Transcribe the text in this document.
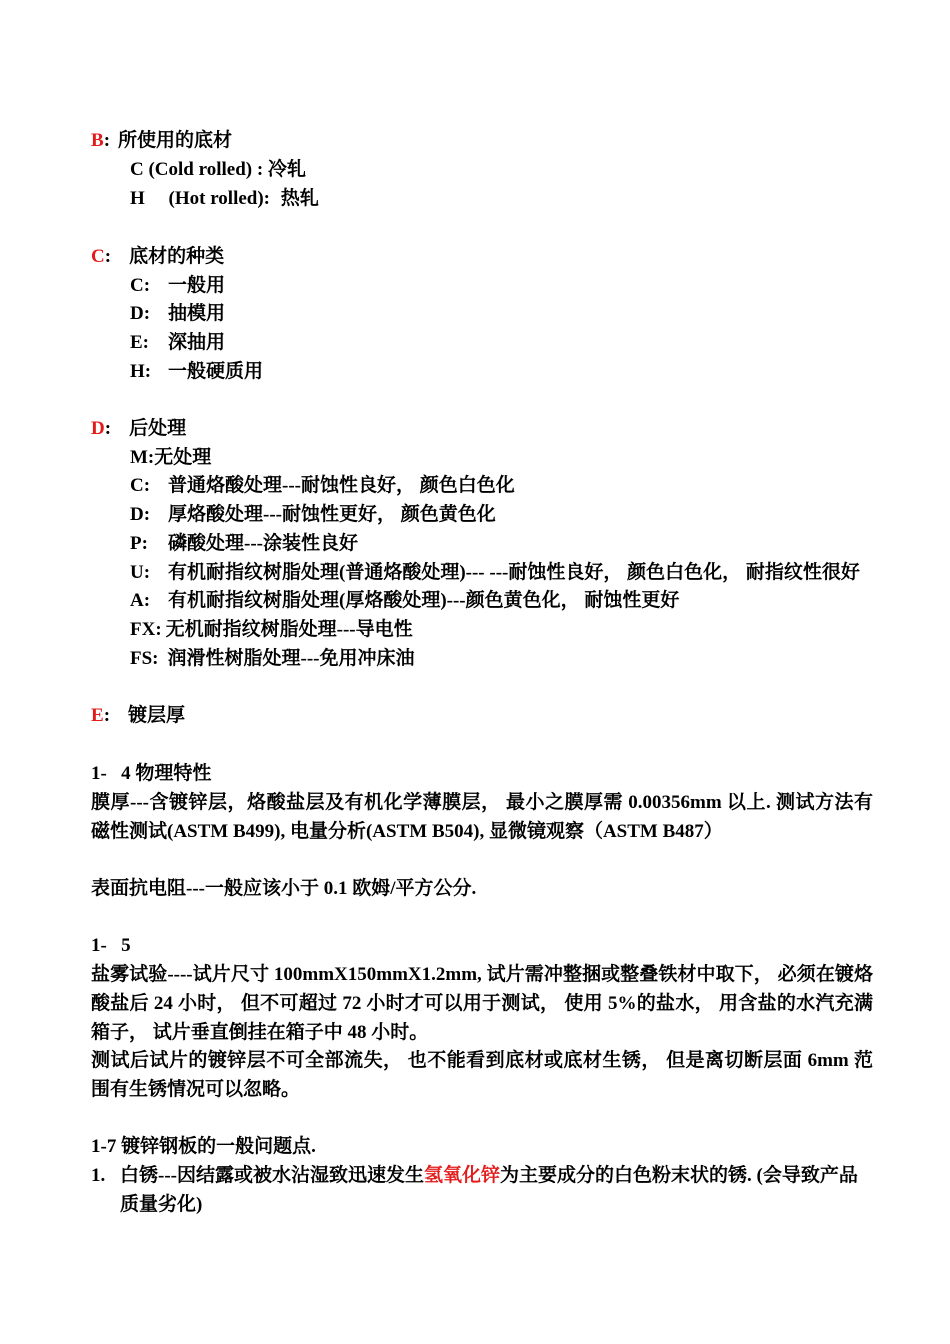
B: 所使用的底材
C (Cold rolled) : 冷轧
H     (Hot rolled): 热轧
C: 底材的种类
C: 一般用
D: 抽模用
E: 深抽用
H: 一般硬质用
D: 后处理
M:无处理
C: 普通烙酸处理---耐蚀性良好， 颜色白色化
D: 厚烙酸处理---耐蚀性更好， 颜色黄色化
P: 磷酸处理---涂装性良好
U: 有机耐指纹树脂处理(普通烙酸处理)--- ---耐蚀性良好， 颜色白色化， 耐指纹性很好
A: 有机耐指纹树脂处理(厚烙酸处理)---颜色黄色化， 耐蚀性更好
FX: 无机耐指纹树脂处理---导电性
FS: 润滑性树脂处理---免用冲床油
E: 镀层厚
1-   4 物理特性
膜厚---含镀锌层，烙酸盐层及有机化学薄膜层， 最小之膜厚需 0.00356mm 以上. 测试方法有磁性测试(ASTM B499), 电量分析(ASTM B504), 显微镜观察（ASTM B487）
表面抗电阻---一般应该小于 0.1 欧姆/平方公分.
1-   5
盐雾试验----试片尺寸 100mmX150mmX1.2mm, 试片需冲整捆或整叠铁材中取下， 必须在镀烙酸盐后 24 小时， 但不可超过 72 小时才可以用于测试， 使用 5%的盐水， 用含盐的水汽充满箱子， 试片垂直倒挂在箱子中 48 小时。
测试后试片的镀锌层不可全部流失， 也不能看到底材或底材生锈， 但是离切断层面 6mm 范围有生锈情况可以忽略。
1-7 镀锌钢板的一般问题点.
1. 白锈---因结露或被水沾湿致迅速发生氢氧化锌为主要成分的白色粉末状的锈. (会导致产品质量劣化)
